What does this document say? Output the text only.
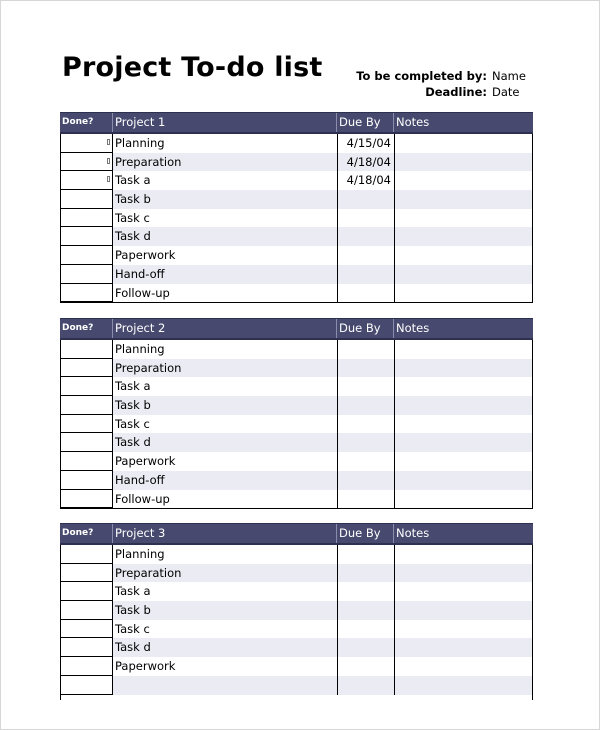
Project To-do list	To be completed by: Name
Deadline: Date
Done?	Project 1	Due By	Notes
Planning	4/15/04
Preparation	4/18/04
Task a	4/18/04
Task b
Task c
Task d
Paperwork
Hand-off
Follow-up
Done?	Project 2	Due By	Notes
Planning
Preparation
Task a
Task b
Task c
Task d
Paperwork
Hand-off
Follow-up
Done?	Project 3	Due By	Notes
Planning
Preparation
Task a
Task b
Task c
Task d
Paperwork
